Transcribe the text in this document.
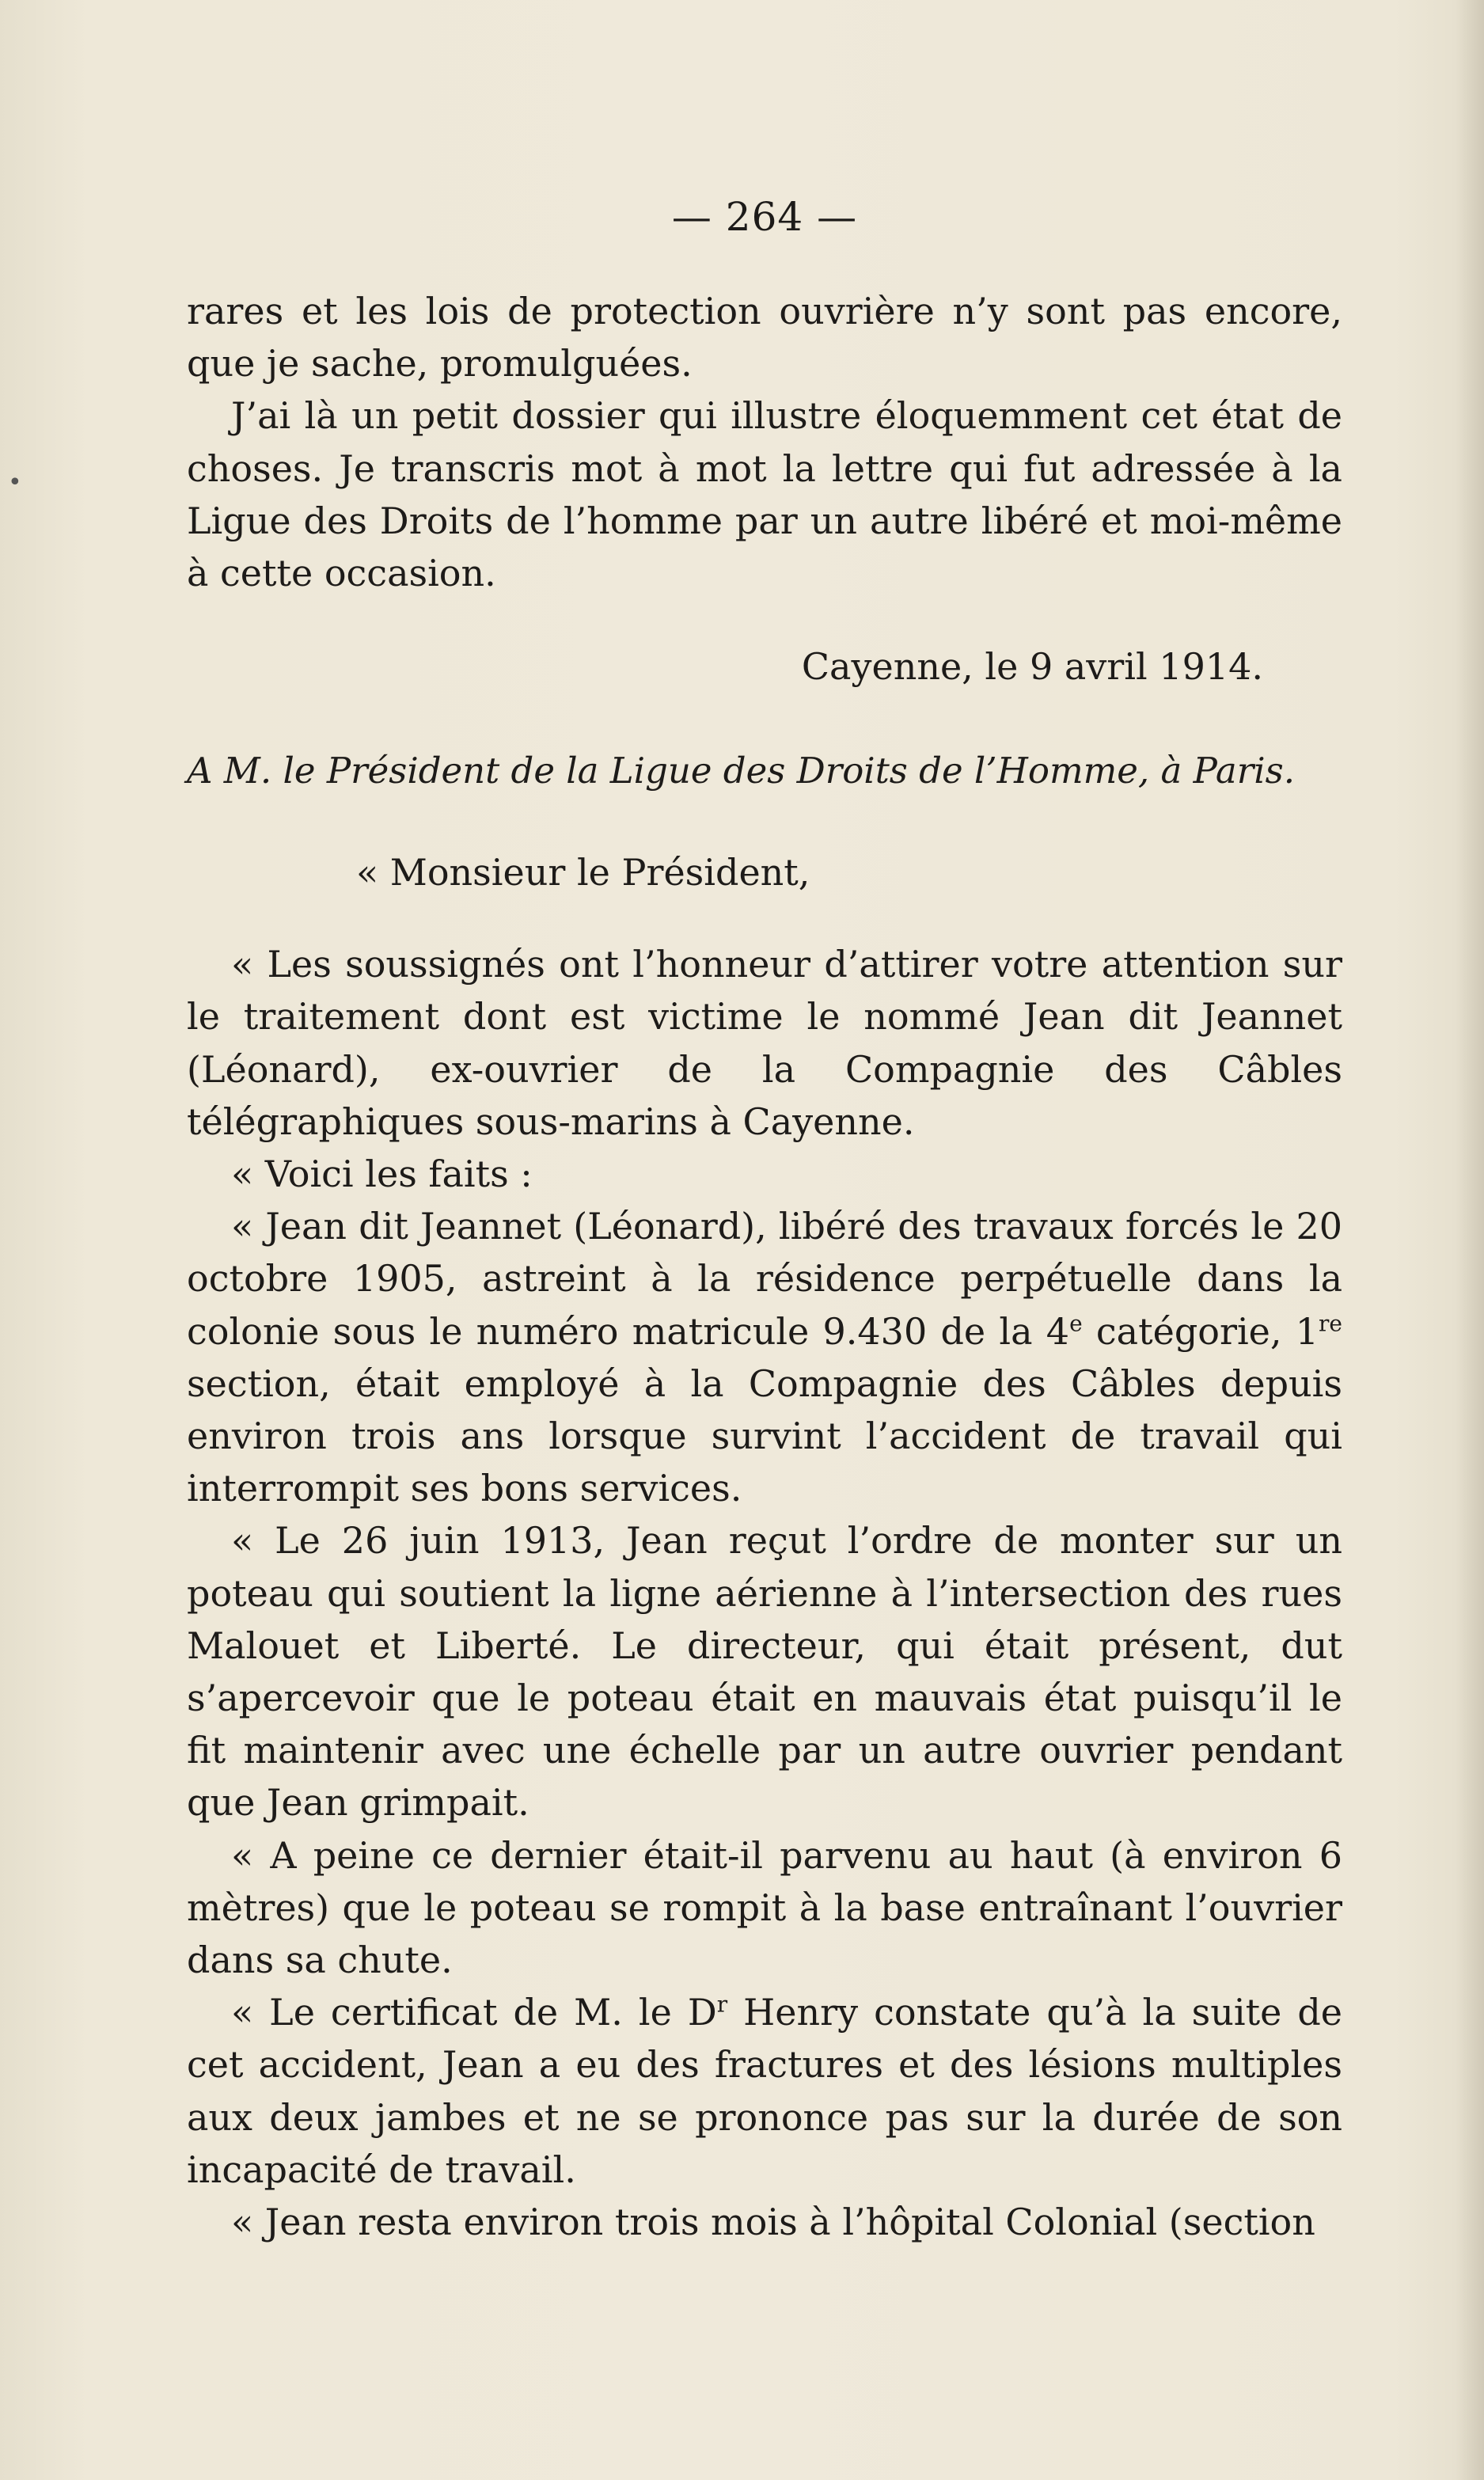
•
— 264 —

rares et les lois de protection ouvrière n’y sont pas encore, que je sache, promulguées.

J’ai là un petit dossier qui illustre éloquemment cet état de choses. Je transcris mot à mot la lettre qui fut adressée à la Ligue des Droits de l’homme par un autre libéré et moi-même à cette occasion.

Cayenne, le 9 avril 1914.

A M. le Président de la Ligue des Droits de l’Homme, à Paris.

« Monsieur le Président,

« Les soussignés ont l’honneur d’attirer votre attention sur le traitement dont est victime le nommé Jean dit Jeannet (Léonard), ex-ouvrier de la Compagnie des Câbles télégraphiques sous-marins à Cayenne.

« Voici les faits :

« Jean dit Jeannet (Léonard), libéré des travaux forcés le 20 octobre 1905, astreint à la résidence perpétuelle dans la colonie sous le numéro matricule 9.430 de la 4e catégorie, 1re section, était employé à la Compagnie des Câbles depuis environ trois ans lorsque survint l’accident de travail qui interrompit ses bons services.

« Le 26 juin 1913, Jean reçut l’ordre de monter sur un poteau qui soutient la ligne aérienne à l’intersection des rues Malouet et Liberté. Le directeur, qui était présent, dut s’apercevoir que le poteau était en mauvais état puisqu’il le fit maintenir avec une échelle par un autre ouvrier pendant que Jean grimpait.

« A peine ce dernier était-il parvenu au haut (à environ 6 mètres) que le poteau se rompit à la base entraînant l’ouvrier dans sa chute.

« Le certificat de M. le $D^r$ Henry constate qu’à la suite de cet accident, Jean a eu des fractures et des lésions multiples aux deux jambes et ne se prononce pas sur la durée de son incapacité de travail.

« Jean resta environ trois mois à l’hôpital Colonial (section
